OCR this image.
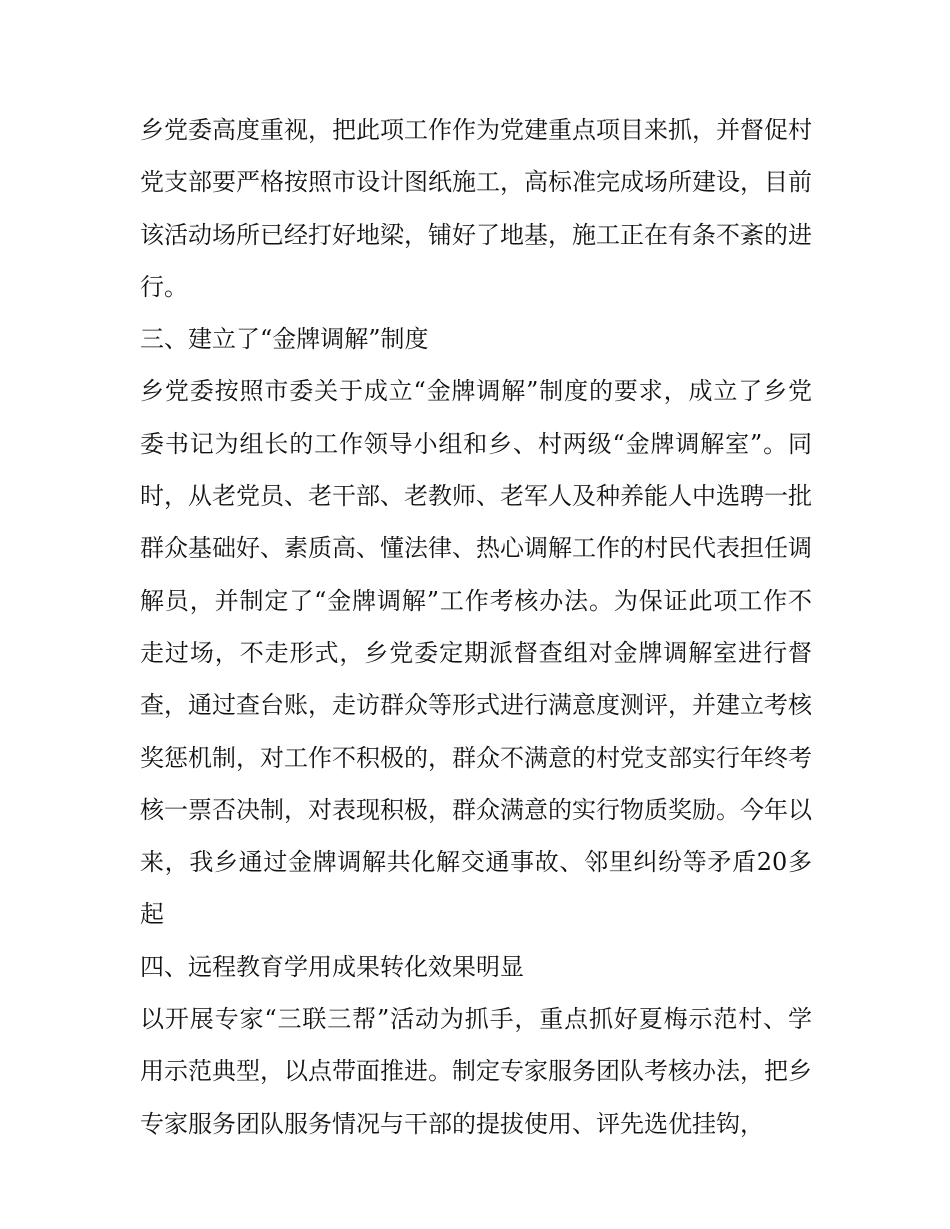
乡党委高度重视，把此项工作作为党建重点项目来抓，并督促村党支部要严格按照市设计图纸施工，高标准完成场所建设，目前该活动场所已经打好地梁，铺好了地基，施工正在有条不紊的进行。

三、建立了“金牌调解”制度

乡党委按照市委关于成立“金牌调解”制度的要求，成立了乡党委书记为组长的工作领导小组和乡、村两级“金牌调解室”。同时，从老党员、老干部、老教师、老军人及种养能人中选聘一批群众基础好、素质高、懂法律、热心调解工作的村民代表担任调解员，并制定了“金牌调解”工作考核办法。为保证此项工作不走过场，不走形式，乡党委定期派督查组对金牌调解室进行督查，通过查台账，走访群众等形式进行满意度测评，并建立考核奖惩机制，对工作不积极的，群众不满意的村党支部实行年终考核一票否决制，对表现积极，群众满意的实行物质奖励。今年以来，我乡通过金牌调解共化解交通事故、邻里纠纷等矛盾20多起

四、远程教育学用成果转化效果明显

以开展专家“三联三帮”活动为抓手，重点抓好夏梅示范村、学用示范典型，以点带面推进。制定专家服务团队考核办法，把乡专家服务团队服务情况与干部的提拔使用、评先选优挂钩，
